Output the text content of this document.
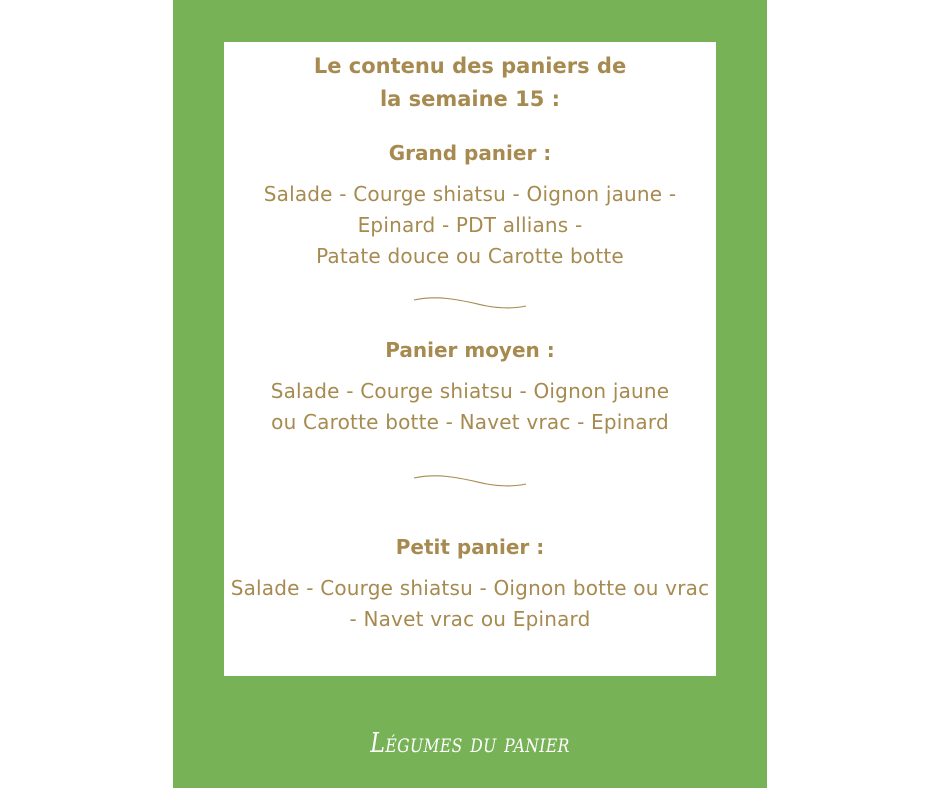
Le contenu des paniers de
la semaine 15 :
Grand panier :
Salade - Courge shiatsu - Oignon jaune -
Epinard - PDT allians -
Patate douce ou Carotte botte
Panier moyen :
Salade - Courge shiatsu - Oignon jaune
ou Carotte botte - Navet vrac - Epinard
Petit panier :
Salade - Courge shiatsu - Oignon botte ou vrac
- Navet vrac ou Epinard
Légumes du panier
